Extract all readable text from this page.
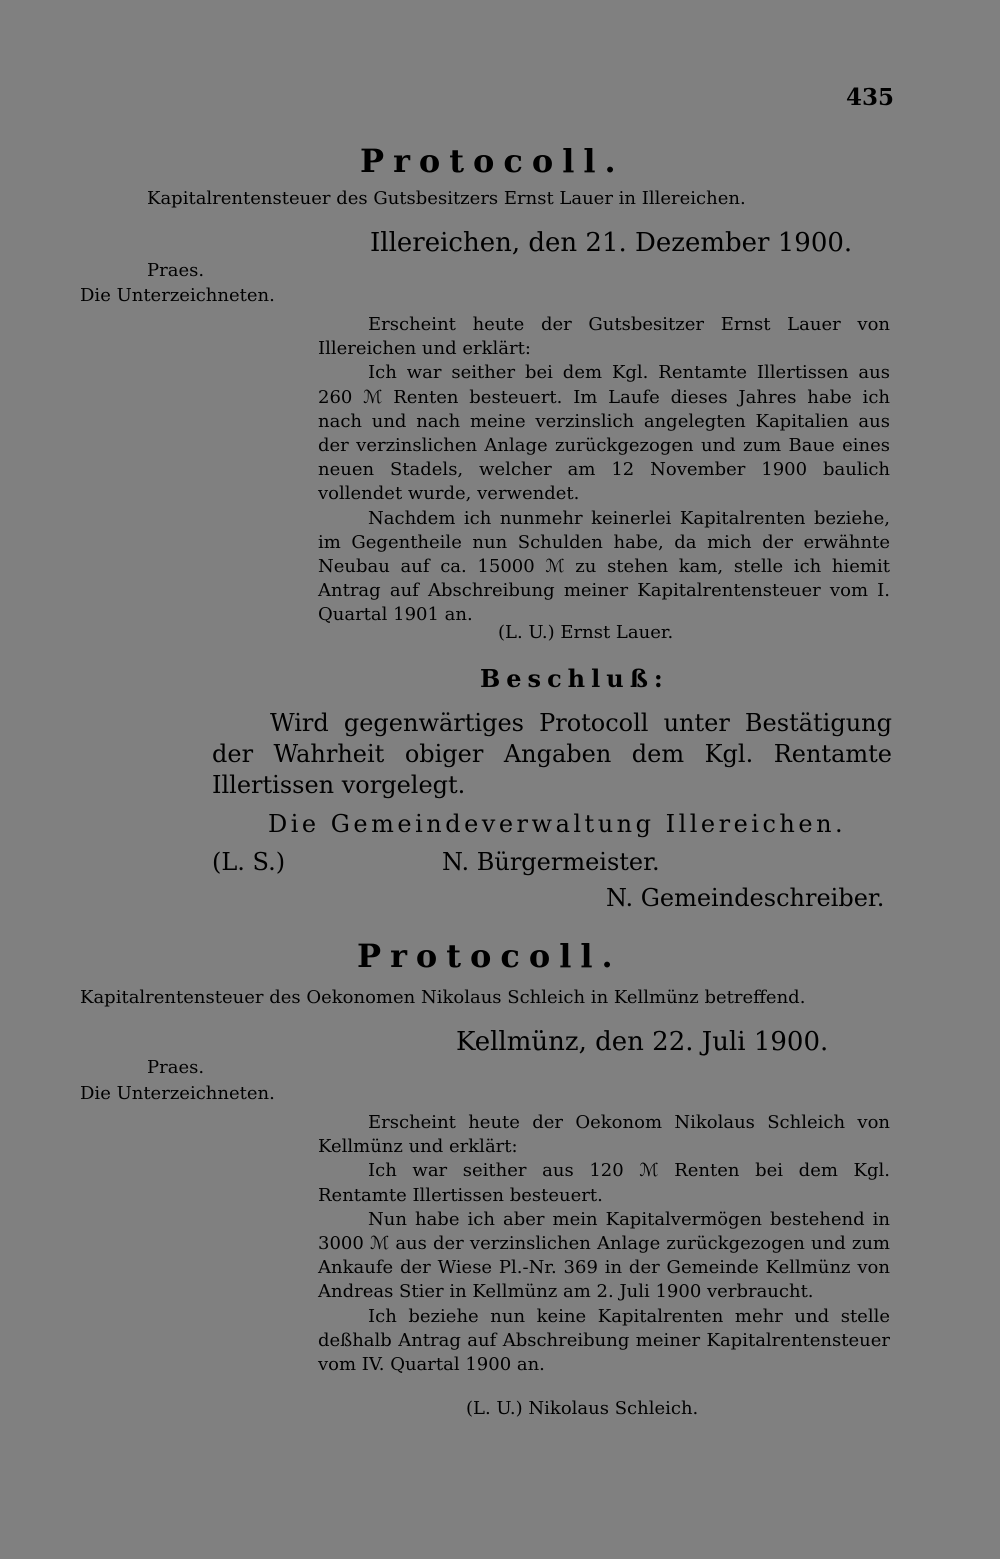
435
Protocoll.
Kapitalrentensteuer des Gutsbesitzers Ernst Lauer in Illereichen.
Illereichen, den 21. Dezember 1900.
Praes.
Die Unterzeichneten.

Erscheint heute der Gutsbesitzer Ernst Lauer von Illereichen und erklärt:

Ich war seither bei dem Kgl. Rentamte Illertissen aus 260 ℳ Renten besteuert. Im Laufe dieses Jahres habe ich nach und nach meine verzinslich angelegten Kapitalien aus der verzinslichen Anlage zurückgezogen und zum Baue eines neuen Stadels, welcher am 12 November 1900 baulich vollendet wurde, verwendet.

Nachdem ich nunmehr keinerlei Kapitalrenten beziehe, im Gegentheile nun Schulden habe, da mich der erwähnte Neubau auf ca. 15000 ℳ zu stehen kam, stelle ich hiemit Antrag auf Abschreibung meiner Kapitalrentensteuer vom I. Quartal 1901 an.

(L. U.) Ernst Lauer.
Beschluß:

Wird gegenwärtiges Protocoll unter Bestätigung der Wahrheit obiger Angaben dem Kgl. Rentamte Illertissen vorgelegt.

Die Gemeindeverwaltung Illereichen.
(L. S.)	N. Bürgermeister.
N. Gemeindeschreiber.
Protocoll.
Kapitalrentensteuer des Oekonomen Nikolaus Schleich in Kellmünz betreffend.
Kellmünz, den 22. Juli 1900.
Praes.
Die Unterzeichneten.

Erscheint heute der Oekonom Nikolaus Schleich von Kellmünz und erklärt:

Ich war seither aus 120 ℳ Renten bei dem Kgl. Rentamte Illertissen besteuert.

Nun habe ich aber mein Kapitalvermögen bestehend in 3000 ℳ aus der verzinslichen Anlage zurückgezogen und zum Ankaufe der Wiese Pl.-Nr. 369 in der Gemeinde Kellmünz von Andreas Stier in Kellmünz am 2. Juli 1900 verbraucht.

Ich beziehe nun keine Kapitalrenten mehr und stelle deßhalb Antrag auf Abschreibung meiner Kapitalrentensteuer vom IV. Quartal 1900 an.

(L. U.) Nikolaus Schleich.
